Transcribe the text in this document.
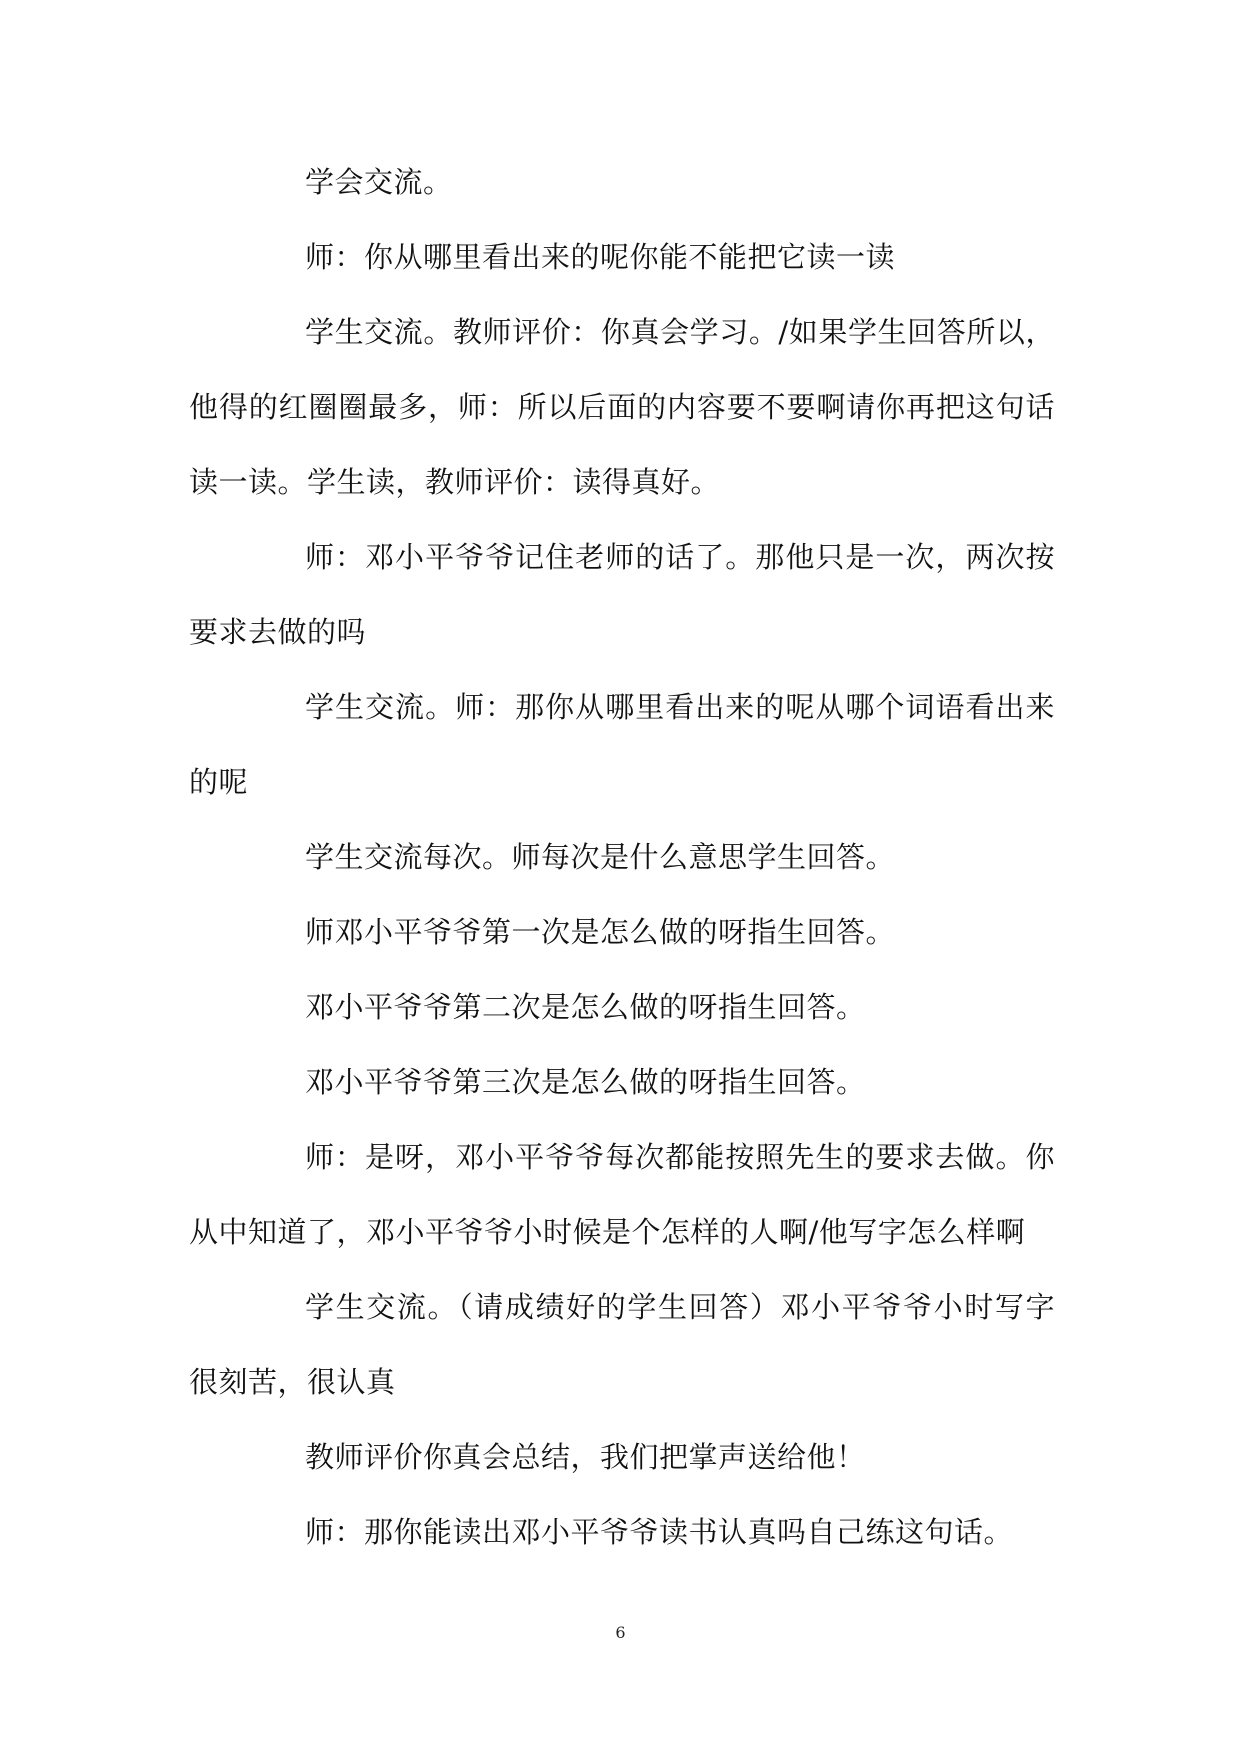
学会交流。

师：你从哪里看出来的呢你能不能把它读一读

学生交流。教师评价：你真会学习。/如果学生回答所以，他得的红圈圈最多，师：所以后面的内容要不要啊请你再把这句话读一读。学生读，教师评价：读得真好。

师：邓小平爷爷记住老师的话了。那他只是一次，两次按要求去做的吗

学生交流。师：那你从哪里看出来的呢从哪个词语看出来的呢

学生交流每次。师每次是什么意思学生回答。

师邓小平爷爷第一次是怎么做的呀指生回答。

邓小平爷爷第二次是怎么做的呀指生回答。

邓小平爷爷第三次是怎么做的呀指生回答。

师：是呀，邓小平爷爷每次都能按照先生的要求去做。你从中知道了，邓小平爷爷小时候是个怎样的人啊/他写字怎么样啊

学生交流。（请成绩好的学生回答）邓小平爷爷小时写字很刻苦，很认真

教师评价你真会总结，我们把掌声送给他！

师：那你能读出邓小平爷爷读书认真吗自己练这句话。

6
